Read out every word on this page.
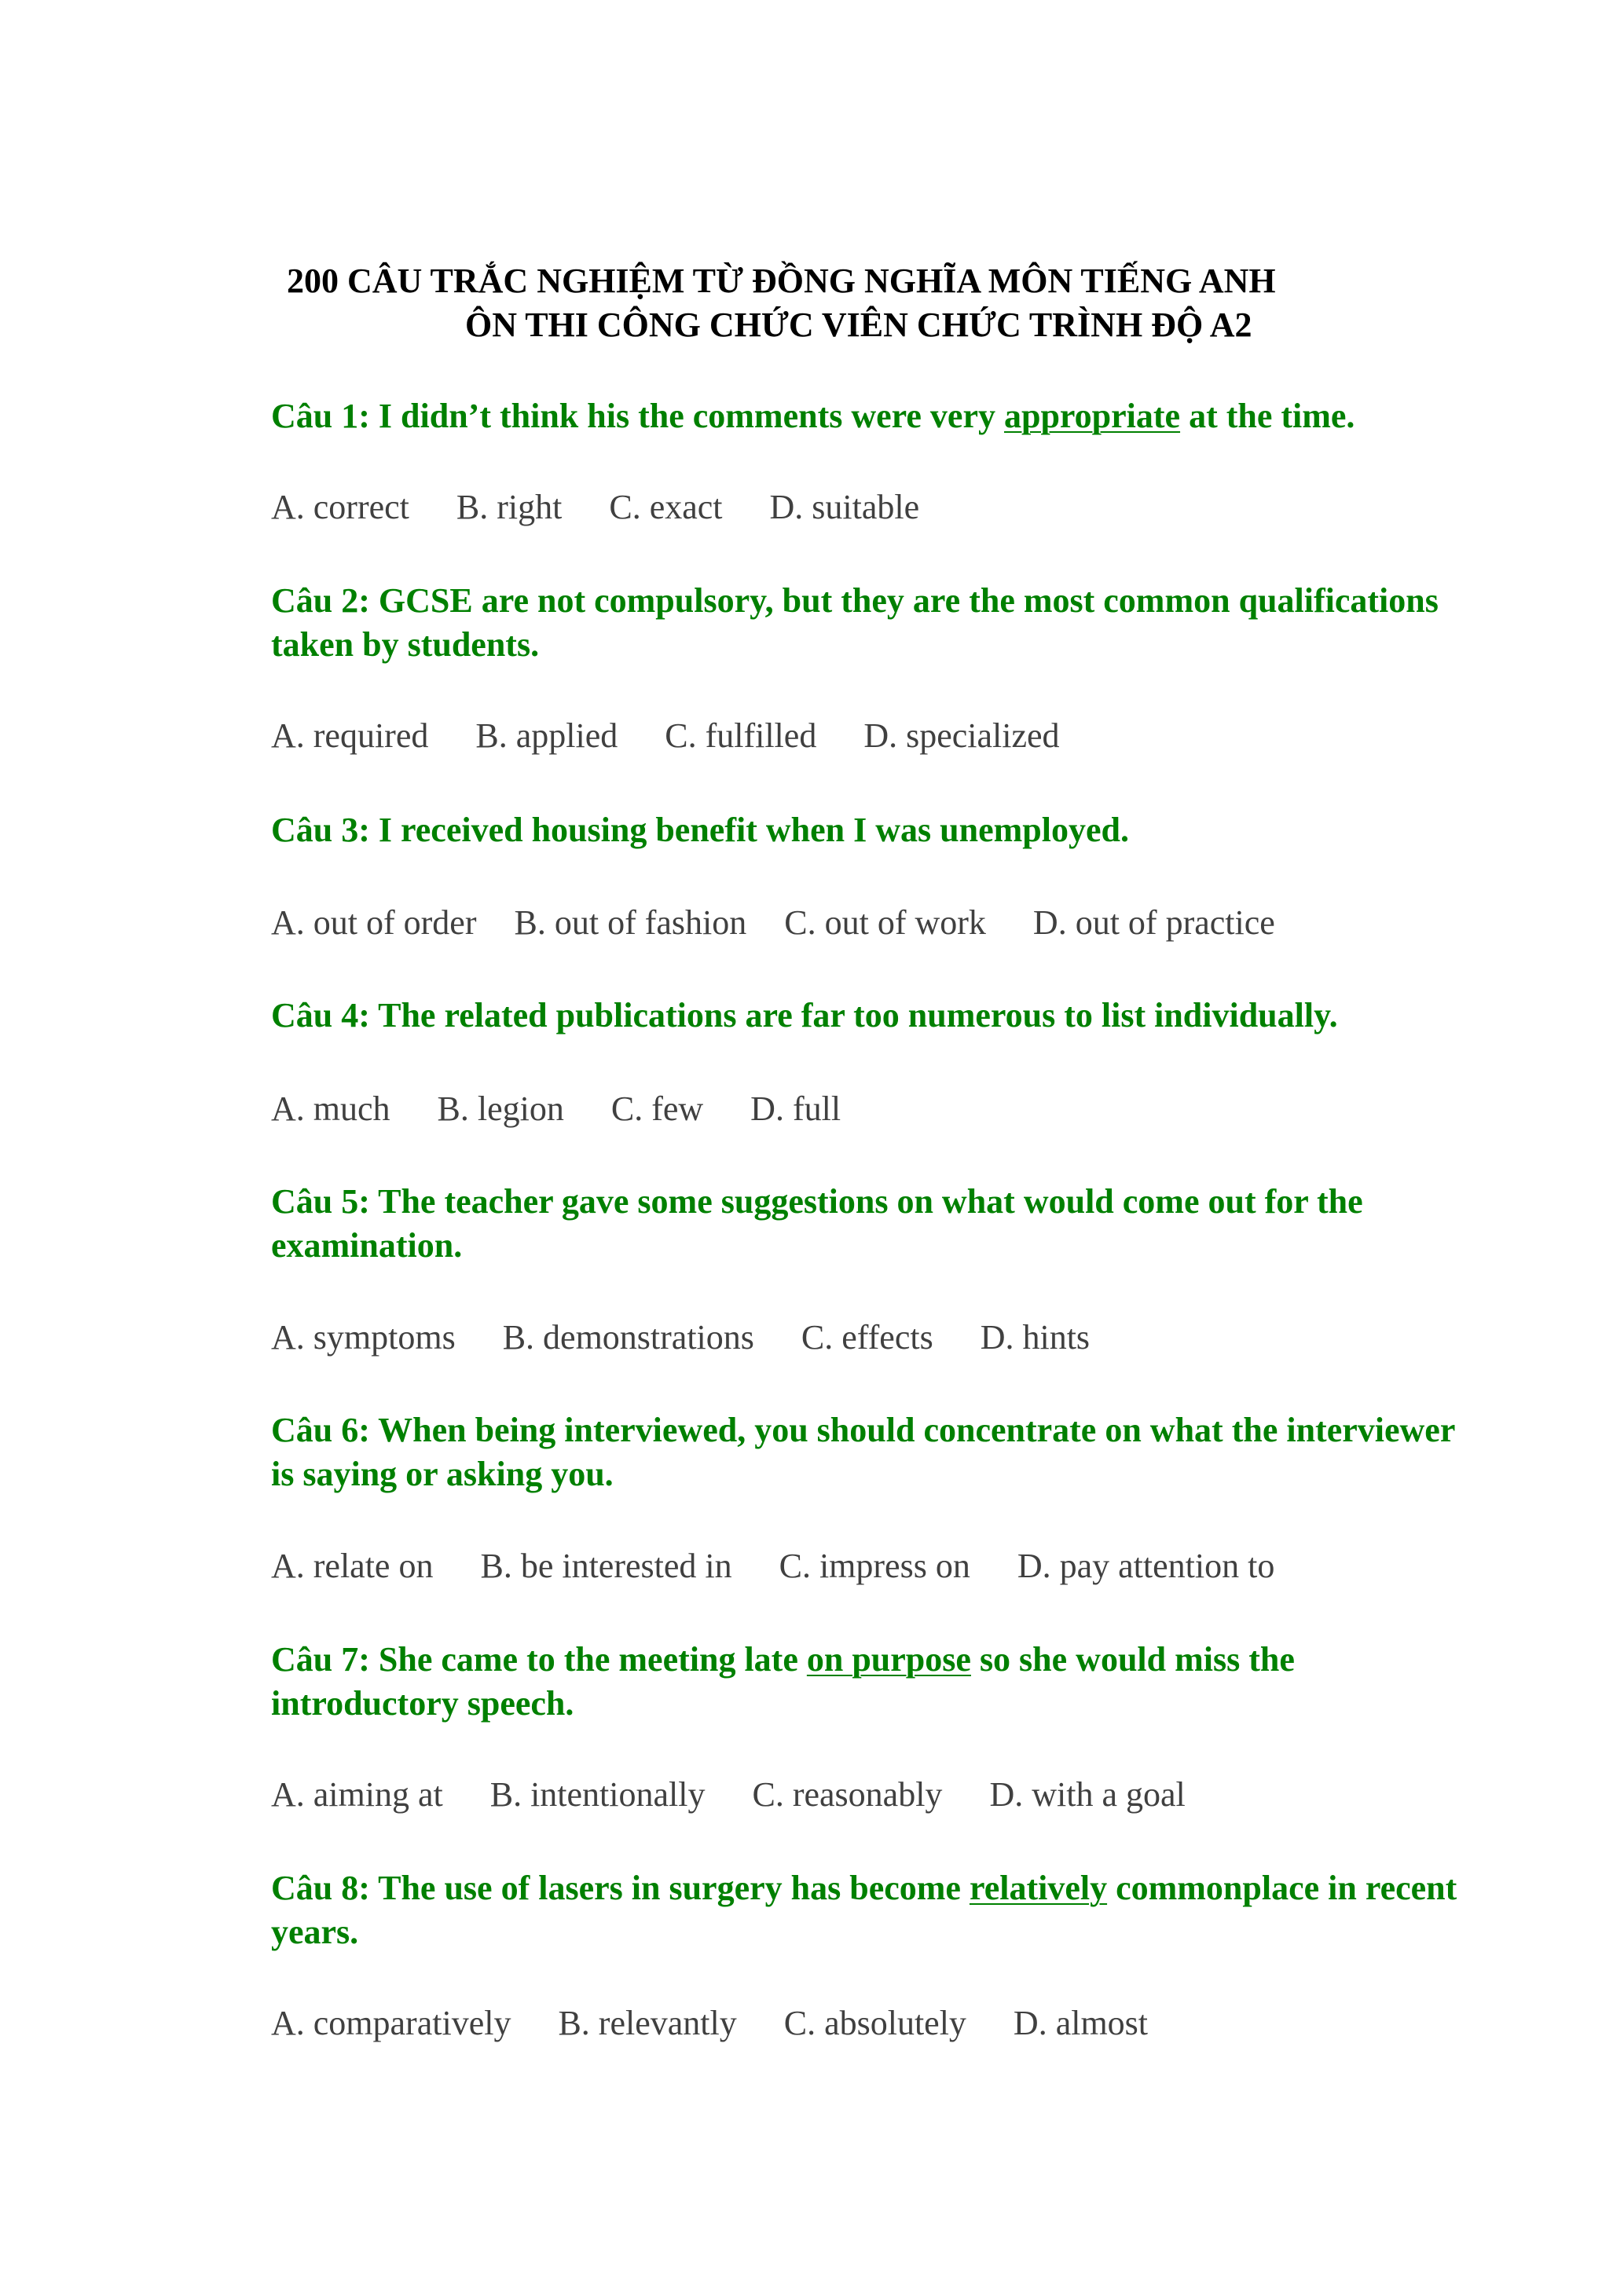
200 CÂU TRẮC NGHIỆM TỪ ĐỒNG NGHĨA MÔN TIẾNG ANH
ÔN THI CÔNG CHỨC VIÊN CHỨC TRÌNH ĐỘ A2
Câu 1: I didn’t think his the comments were very appropriate at the time.
A. correct B. right C. exact D. suitable
Câu 2: GCSE are not compulsory, but they are the most common qualifications taken by students.
A. required B. applied C. fulfilled D. specialized
Câu 3: I received housing benefit when I was unemployed.
A. out of order B. out of fashion C. out of work D. out of practice
Câu 4: The related publications are far too numerous to list individually.
A. much B. legion C. few D. full
Câu 5: The teacher gave some suggestions on what would come out for the examination.
A. symptoms B. demonstrations C. effects D. hints
Câu 6: When being interviewed, you should concentrate on what the interviewer is saying or asking you.
A. relate on B. be interested in C. impress on D. pay attention to
Câu 7: She came to the meeting late on purpose so she would miss the introductory speech.
A. aiming at B. intentionally C. reasonably D. with a goal
Câu 8: The use of lasers in surgery has become relatively commonplace in recent years.
A. comparatively B. relevantly C. absolutely D. almost
